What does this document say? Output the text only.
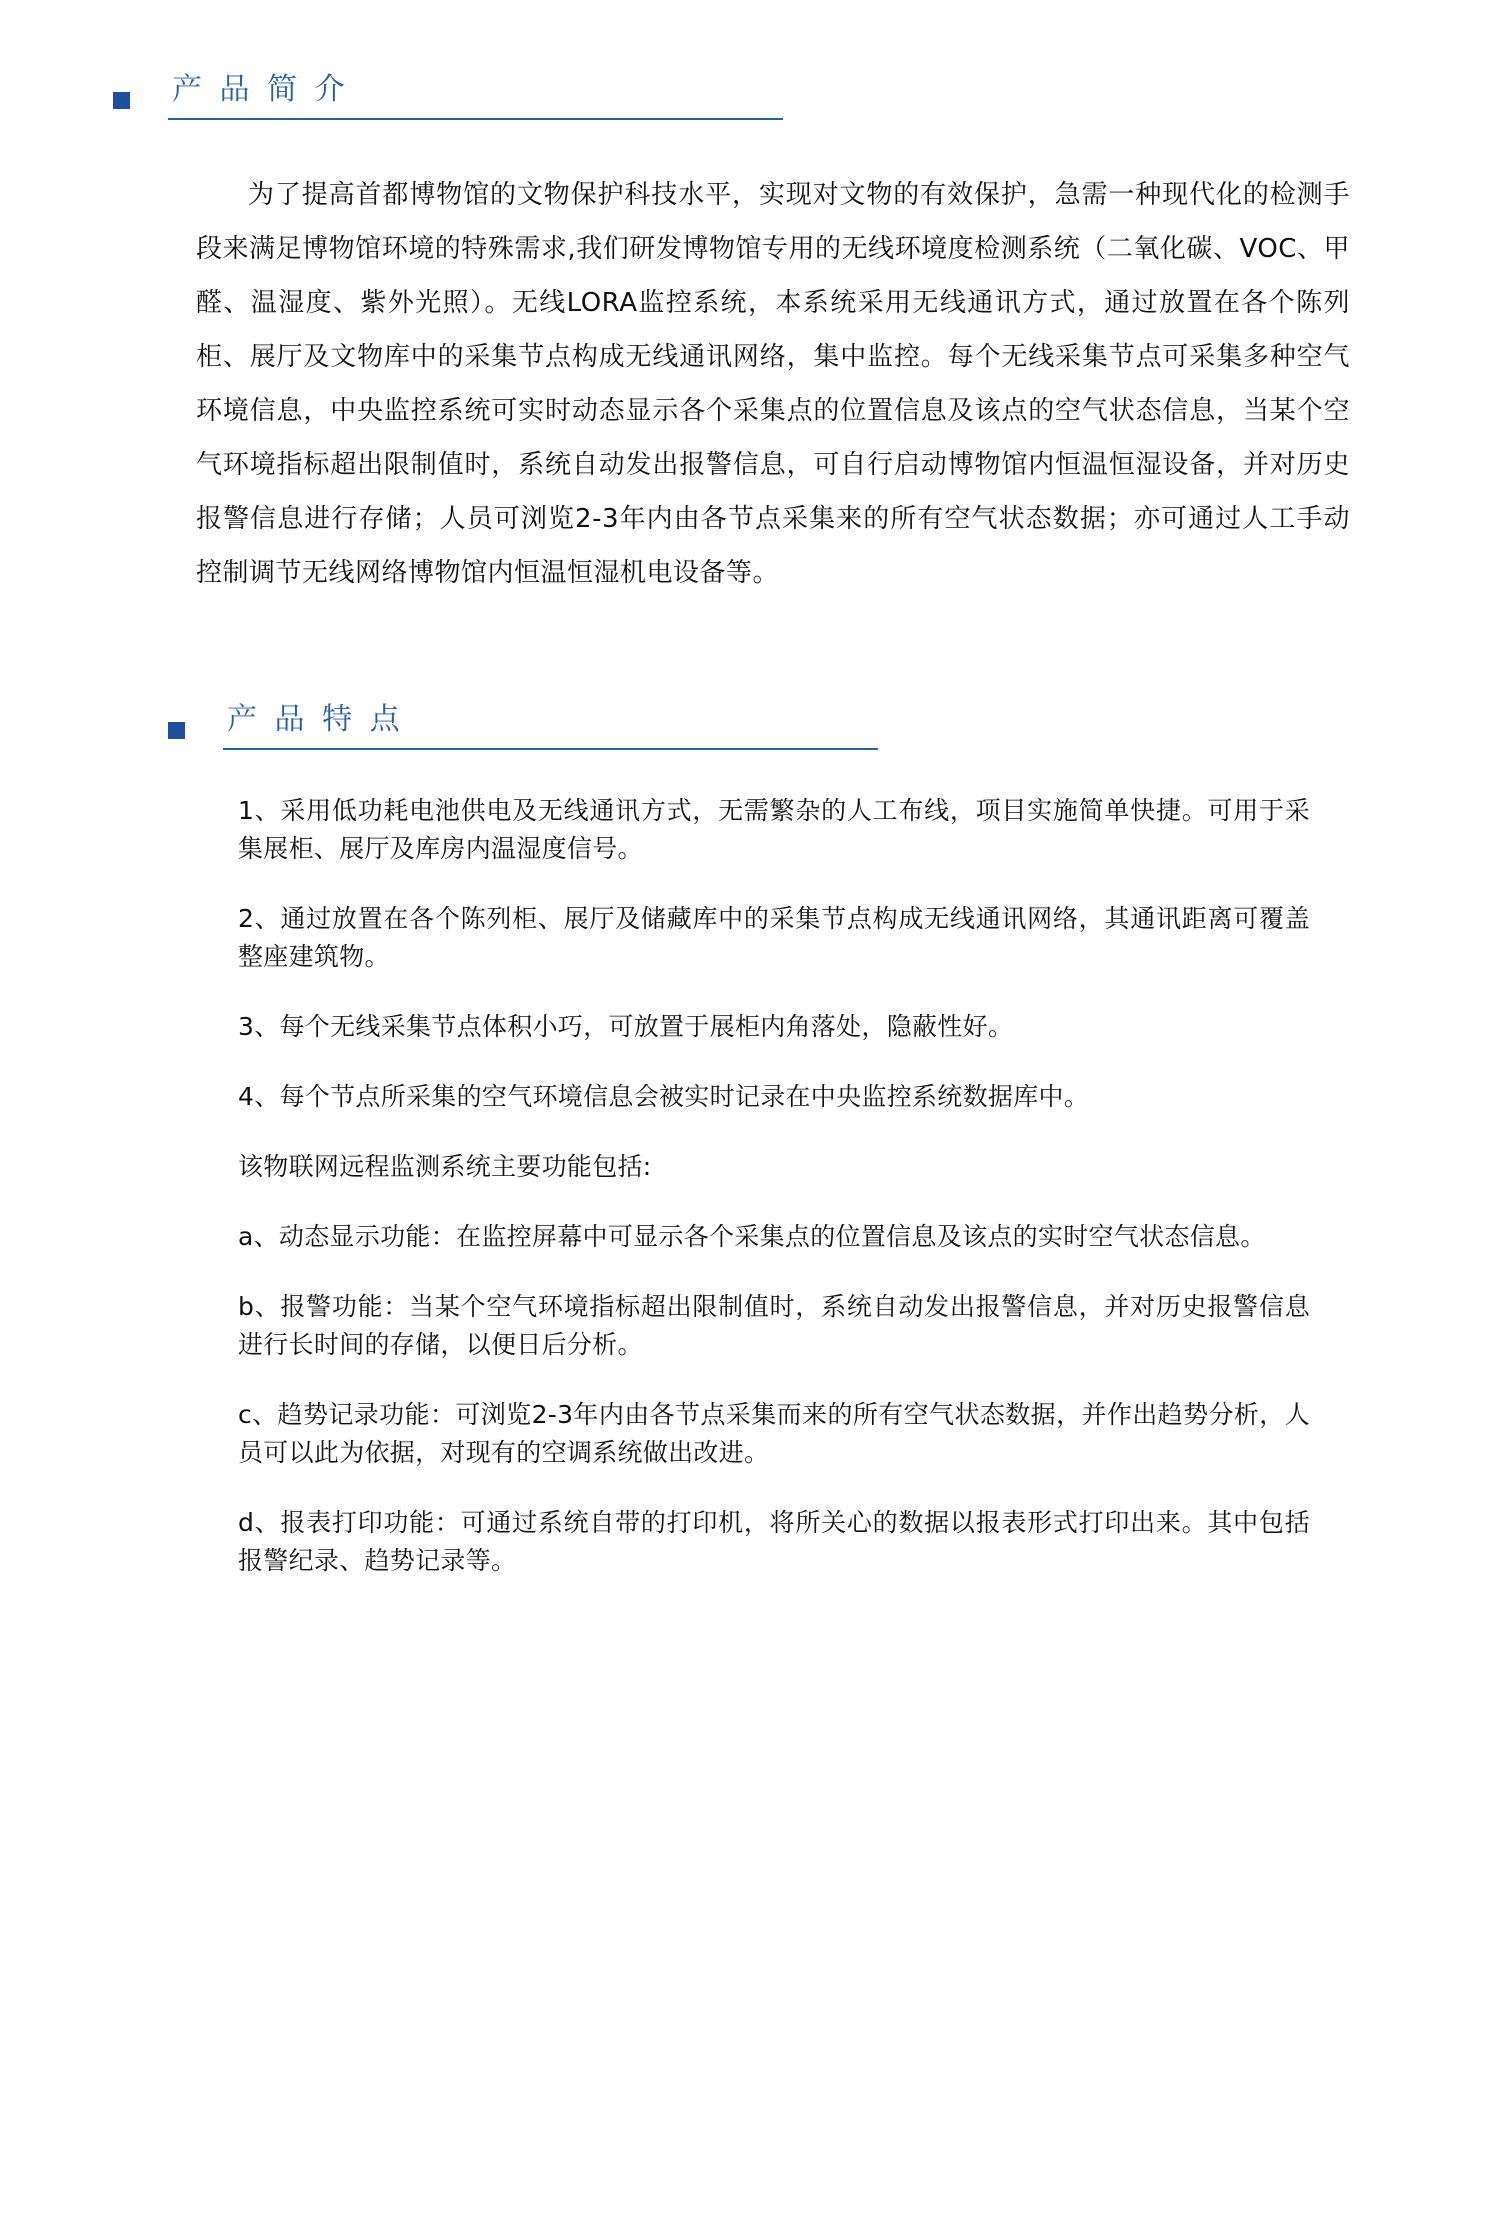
产 品 简 介

为了提高首都博物馆的文物保护科技水平，实现对文物的有效保护，急需一种现代化的检测手段来满足博物馆环境的特殊需求,我们研发博物馆专用的无线环境度检测系统（二氧化碳、VOC、甲醛、温湿度、紫外光照）。无线LORA监控系统，本系统采用无线通讯方式，通过放置在各个陈列柜、展厅及文物库中的采集节点构成无线通讯网络，集中监控。每个无线采集节点可采集多种空气环境信息，中央监控系统可实时动态显示各个采集点的位置信息及该点的空气状态信息，当某个空气环境指标超出限制值时，系统自动发出报警信息，可自行启动博物馆内恒温恒湿设备，并对历史报警信息进行存储；人员可浏览2-3年内由各节点采集来的所有空气状态数据；亦可通过人工手动控制调节无线网络博物馆内恒温恒湿机电设备等。

产 品 特 点

1、采用低功耗电池供电及无线通讯方式，无需繁杂的人工布线，项目实施简单快捷。可用于采集展柜、展厅及库房内温湿度信号。

2、通过放置在各个陈列柜、展厅及储藏库中的采集节点构成无线通讯网络，其通讯距离可覆盖整座建筑物。

3、每个无线采集节点体积小巧，可放置于展柜内角落处，隐蔽性好。

4、每个节点所采集的空气环境信息会被实时记录在中央监控系统数据库中。

该物联网远程监测系统主要功能包括:

a、动态显示功能：在监控屏幕中可显示各个采集点的位置信息及该点的实时空气状态信息。

b、报警功能：当某个空气环境指标超出限制值时，系统自动发出报警信息，并对历史报警信息进行长时间的存储，以便日后分析。

c、趋势记录功能：可浏览2-3年内由各节点采集而来的所有空气状态数据，并作出趋势分析，人员可以此为依据，对现有的空调系统做出改进。

d、报表打印功能：可通过系统自带的打印机，将所关心的数据以报表形式打印出来。其中包括报警纪录、趋势记录等。
